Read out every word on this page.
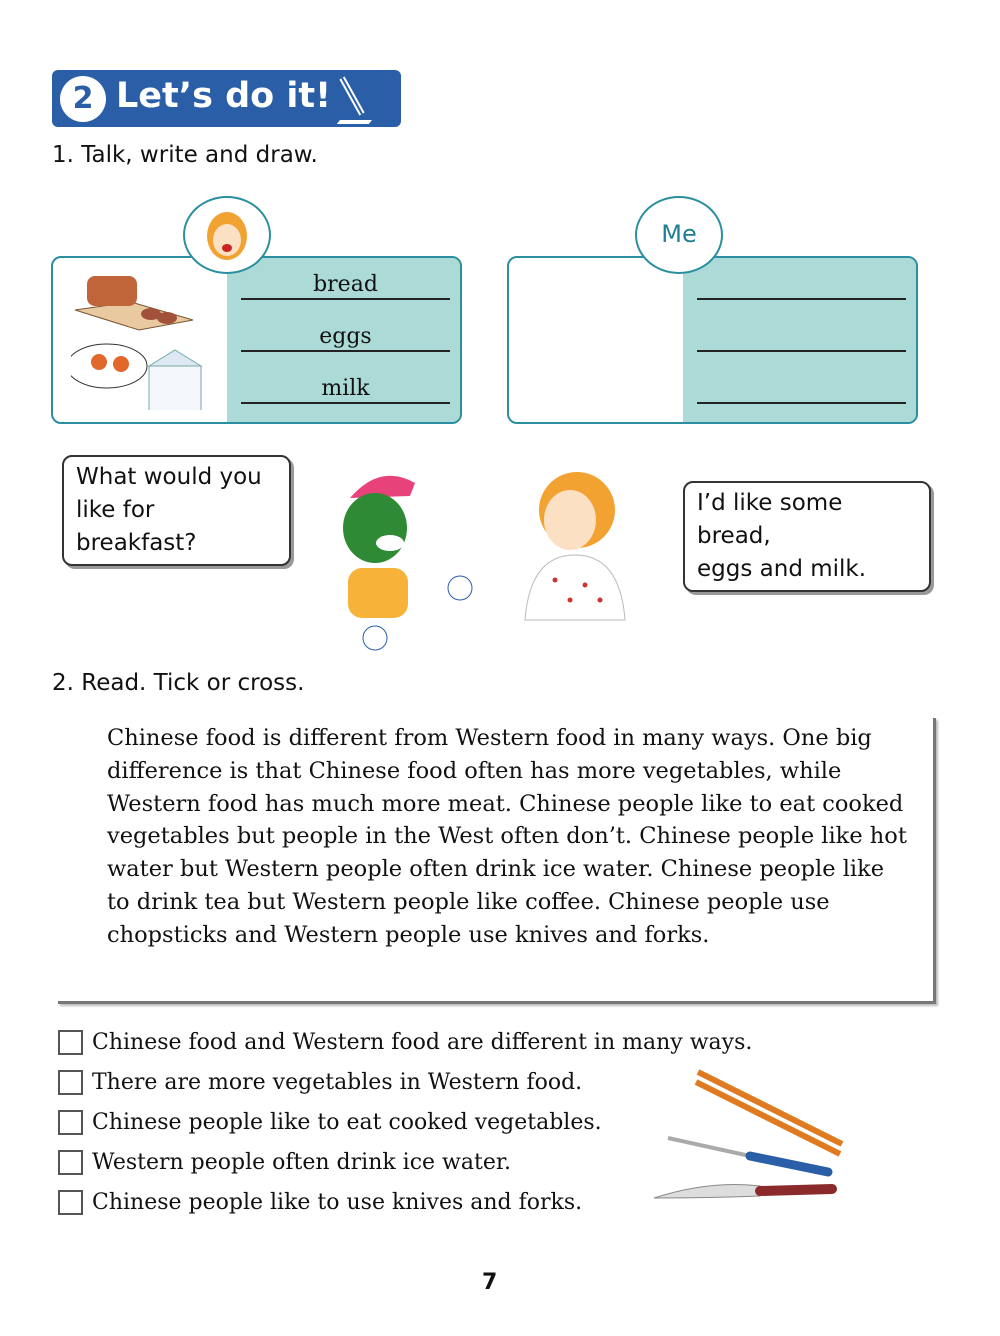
2 Let’s do it!
1. Talk, write and draw.
bread
eggs
milk
Me
What would you
like for breakfast?
I’d like some bread,
eggs and milk.
2. Read. Tick or cross.

Chinese food is different from Western food in many ways. One big difference is that Chinese food often has more vegetables, while Western food has much more meat. Chinese people like to eat cooked vegetables but people in the West often don’t. Chinese people like hot water but Western people often drink ice water. Chinese people like to drink tea but Western people like coffee. Chinese people use chopsticks and Western people use knives and forks.

Chinese food and Western food are different in many ways.
There are more vegetables in Western food.
Chinese people like to eat cooked vegetables.
Western people often drink ice water.
Chinese people like to use knives and forks.
7
